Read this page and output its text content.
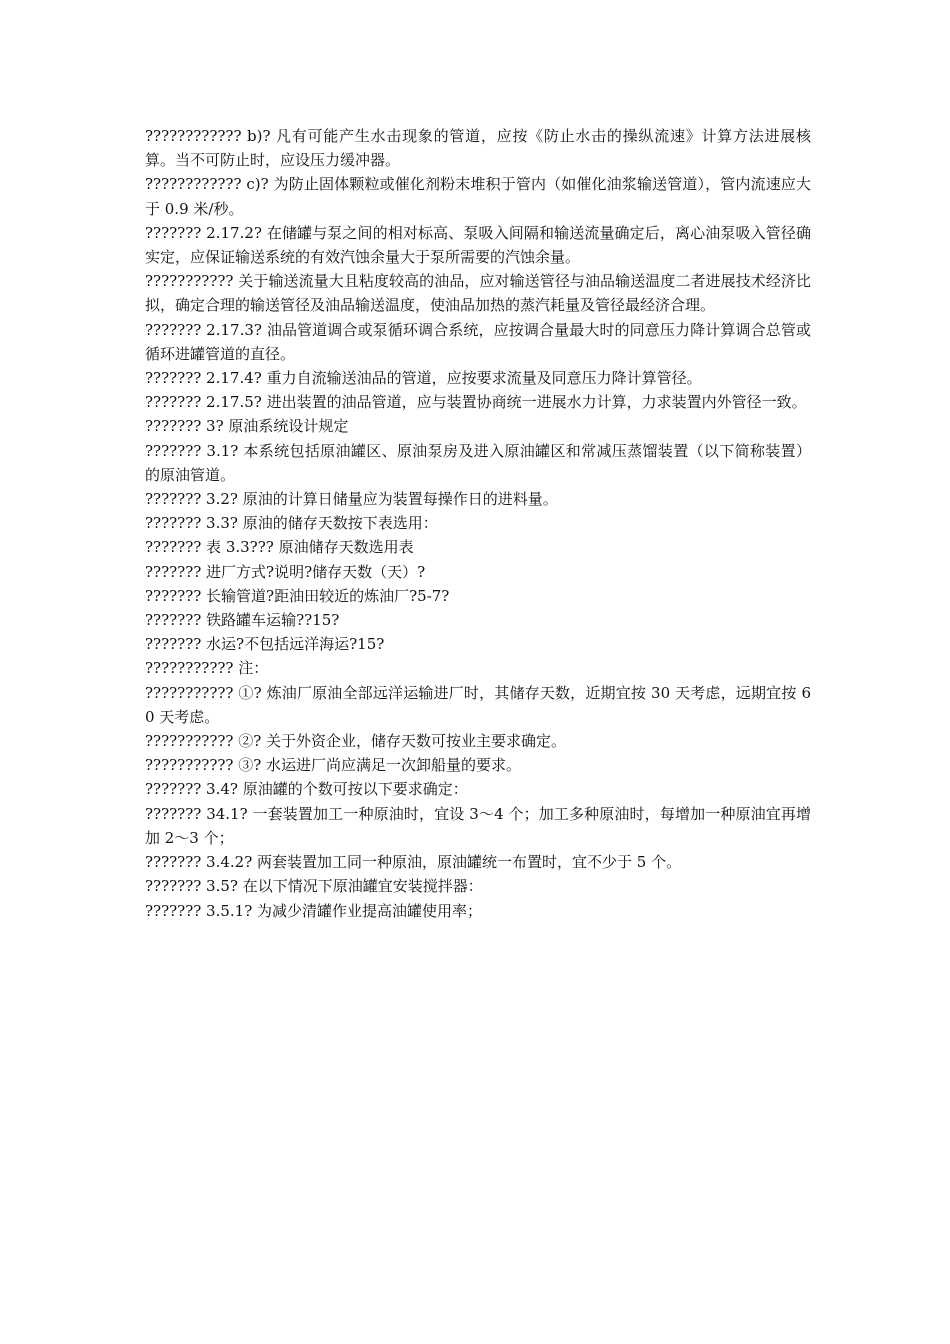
???????????? b)? 凡有可能产生水击现象的管道，应按《防止水击的操纵流速》计算方法进展核算。当不可防止时，应设压力缓冲器。

???????????? c)? 为防止固体颗粒或催化剂粉末堆积于管内（如催化油浆输送管道），管内流速应大于 0.9 米/秒。

??????? 2.17.2? 在储罐与泵之间的相对标高、泵吸入间隔和输送流量确定后，离心油泵吸入管径确实定，应保证输送系统的有效汽蚀余量大于泵所需要的汽蚀余量。

??????????? 关于输送流量大且粘度较高的油品，应对输送管径与油品输送温度二者进展技术经济比拟，确定合理的输送管径及油品输送温度，使油品加热的蒸汽耗量及管径最经济合理。

??????? 2.17.3? 油品管道调合或泵循环调合系统，应按调合量最大时的同意压力降计算调合总管或循环进罐管道的直径。

??????? 2.17.4? 重力自流输送油品的管道，应按要求流量及同意压力降计算管径。

??????? 2.17.5? 进出装置的油品管道，应与装置协商统一进展水力计算，力求装置内外管径一致。

??????? 3? 原油系统设计规定

??????? 3.1? 本系统包括原油罐区、原油泵房及进入原油罐区和常减压蒸馏装置（以下简称装置）的原油管道。

??????? 3.2? 原油的计算日储量应为装置每操作日的进料量。

??????? 3.3? 原油的储存天数按下表选用：

??????? 表 3.3??? 原油储存天数选用表

??????? 进厂方式?说明?储存天数（天）?

??????? 长输管道?距油田较近的炼油厂?5-7?

??????? 铁路罐车运输??15?

??????? 水运?不包括远洋海运?15?

??????????? 注：

??????????? ①? 炼油厂原油全部远洋运输进厂时，其储存天数，近期宜按 30 天考虑，远期宜按 60 天考虑。

??????????? ②? 关于外资企业，储存天数可按业主要求确定。

??????????? ③? 水运进厂尚应满足一次卸船量的要求。

??????? 3.4? 原油罐的个数可按以下要求确定：

??????? 34.1? 一套装置加工一种原油时，宜设 3～4 个；加工多种原油时，每增加一种原油宜再增加 2～3 个；

??????? 3.4.2? 两套装置加工同一种原油，原油罐统一布置时，宜不少于 5 个。

??????? 3.5? 在以下情况下原油罐宜安装搅拌器：

??????? 3.5.1? 为减少清罐作业提高油罐使用率；
